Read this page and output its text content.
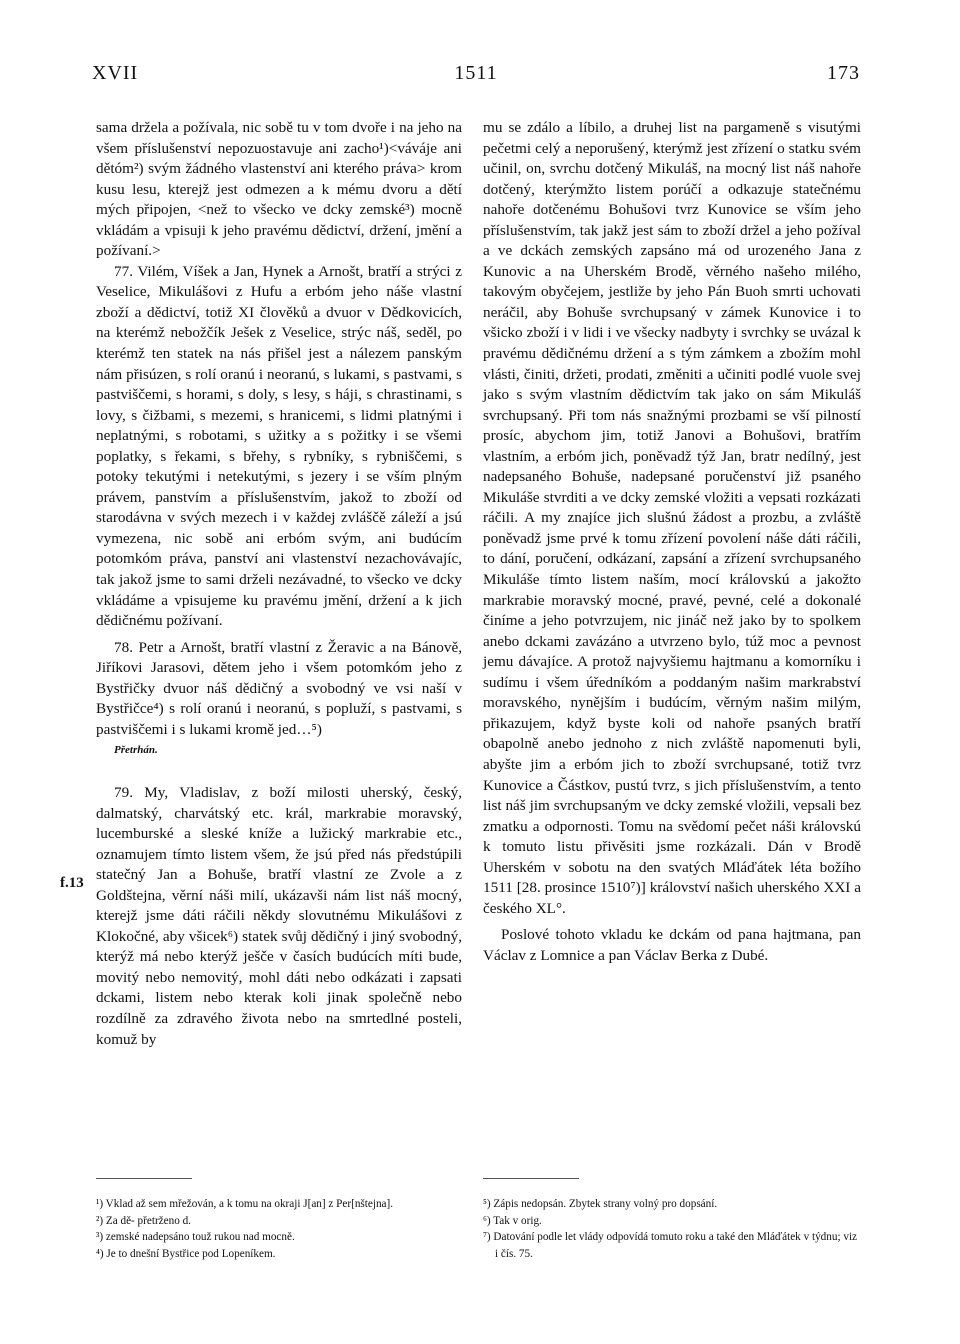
XVII	1511	173
f.13

sama držela a požívala, nic sobě tu v tom dvoře i na jeho na všem příslušenství nepozuostavuje ani zacho¹)<váváje ani dětóm²) svým žádného vlastenství ani kterého práva> krom kusu lesu, kterejž jest odmezen a k mému dvoru a dětí mých připojen, <než to všecko ve dcky zemské³) mocně vkládám a vpisuji k jeho pravému dědictví, držení, jmění a požívaní.>

77. Vilém, Víšek a Jan, Hynek a Arnošt, bratří a strýci z Veselice, Mikulášovi z Hufu a erbóm jeho náše vlastní zboží a dědictví, totiž XI člověků a dvuor v Dědkovicích, na kterémž nebožčík Ješek z Veselice, strýc náš, seděl, po kterémž ten statek na nás přišel jest a nálezem panským nám přisúzen, s rolí oranú i neoranú, s lukami, s pastvami, s pastviščemi, s horami, s doly, s lesy, s háji, s chrastinami, s lovy, s čižbami, s mezemi, s hranicemi, s lidmi platnými i neplatnými, s robotami, s užitky a s požitky i se všemi poplatky, s řekami, s břehy, s rybníky, s rybniščemi, s potoky tekutými i netekutými, s jezery i se vším plným právem, panstvím a příslušenstvím, jakož to zboží od starodávna v svých mezech i v každej zvláščě záleží a jsú vymezena, nic sobě ani erbóm svým, ani budúcím potomkóm práva, panství ani vlastenství nezachovávajíc, tak jakož jsme to sami drželi nezávadné, to všecko ve dcky vkládáme a vpisujeme ku pravému jmění, držení a k jich dědičnému požívaní.

78. Petr a Arnošt, bratří vlastní z Žeravic a na Bánově, Jiříkovi Jarasovi, dětem jeho i všem potomkóm jeho z Bystřičky dvuor náš dědičný a svobodný ve vsi naší v Bystřičce⁴) s rolí oranú i neoranú, s popluží, s pastvami, s pastviščemi i s lukami kromě jed…⁵)

Přetrhán.

79. My, Vladislav, z boží milosti uherský, český, dalmatský, charvátský etc. král, markrabie moravský, lucemburské a sleské kníže a lužický markrabie etc., oznamujem tímto listem všem, že jsú před nás předstúpili statečný Jan a Bohuše, bratří vlastní ze Zvole a z Goldštejna, věrní náši milí, ukázavši nám list náš mocný, kterejž jsme dáti ráčili někdy slovutnému Mikulášovi z Klokočné, aby všicek⁶) statek svůj dědičný i jiný svobodný, kterýž má nebo kterýž ješče v časích budúcích míti bude, movitý nebo nemovitý, mohl dáti nebo odkázati i zapsati dckami, listem nebo kterak koli jinak společně nebo rozdílně za zdravého života nebo na smrtedlné posteli, komuž by

mu se zdálo a líbilo, a druhej list na pargameně s visutými pečetmi celý a neporušený, kterýmž jest zřízení o statku svém učinil, on, svrchu dotčený Mikuláš, na mocný list náš nahoře dotčený, kterýmžto listem porúčí a odkazuje statečnému nahoře dotčenému Bohušovi tvrz Kunovice se vším jeho příslušenstvím, tak jakž jest sám to zboží držel a jeho požíval a ve dckách zemských zapsáno má od urozeného Jana z Kunovic a na Uherském Brodě, věrného našeho milého, takovým obyčejem, jestliže by jeho Pán Buoh smrti uchovati neráčil, aby Bohuše svrchupsaný v zámek Kunovice i to všicko zboží i v lidi i ve všecky nadbyty i svrchky se uvázal k pravému dědičnému držení a s tým zámkem a zbožím mohl vlásti, činiti, držeti, prodati, změniti a učiniti podlé vuole svej jako s svým vlastním dědictvím tak jako on sám Mikuláš svrchupsaný. Při tom nás snažnými prozbami se vší pilností prosíc, abychom jim, totiž Janovi a Bohušovi, bratřím vlastním, a erbóm jich, poněvadž týž Jan, bratr nedílný, jest nadepsaného Bohuše, nadepsané poručenství již psaného Mikuláše stvrditi a ve dcky zemské vložiti a vepsati rozkázati ráčili. A my znajíce jich slušnú žádost a prozbu, a zvláště poněvadž jsme prvé k tomu zřízení povolení náše dáti ráčili, to dání, poručení, odkázaní, zapsání a zřízení svrchupsaného Mikuláše tímto listem naším, mocí královskú a jakožto markrabie moravský mocné, pravé, pevné, celé a dokonalé činíme a jeho potvrzujem, nic jináč než jako by to spolkem anebo dckami zavázáno a utvrzeno bylo, túž moc a pevnost jemu dávajíce. A protož najvyšiemu hajtmanu a komorníku i sudímu i všem úředníkóm a poddaným našim markrabství moravského, nynějším i budúcím, věrným našim milým, přikazujem, když byste koli od nahoře psaných bratří obapolně anebo jednoho z nich zvláště napomenuti byli, abyšte jim a erbóm jich to zboží svrchupsané, totiž tvrz Kunovice a Částkov, pustú tvrz, s jich příslušenstvím, a tento list náš jim svrchupsaným ve dcky zemské vložili, vepsali bez zmatku a odpornosti. Tomu na svědomí pečet náši královskú k tomuto listu přivěsiti jsme rozkázali. Dán v Brodě Uherském v sobotu na den svatých Mláďátek léta božího 1511 [28. prosince 1510⁷)] království našich uherského XXI a českého XL°.

Poslové tohoto vkladu ke dckám od pana hajtmana, pan Václav z Lomnice a pan Václav Berka z Dubé.

¹) Vklad až sem mřežován, a k tomu na okraji J[an] z Per[nštejna].

²) Za dě- přetrženo d.

³) zemské nadepsáno touž rukou nad mocně.

⁴) Je to dnešní Bystřice pod Lopeníkem.

⁵) Zápis nedopsán. Zbytek strany volný pro dopsání.

⁶) Tak v orig.

⁷) Datování podle let vlády odpovídá tomuto roku a také den Mláďátek v týdnu; viz i čís. 75.
